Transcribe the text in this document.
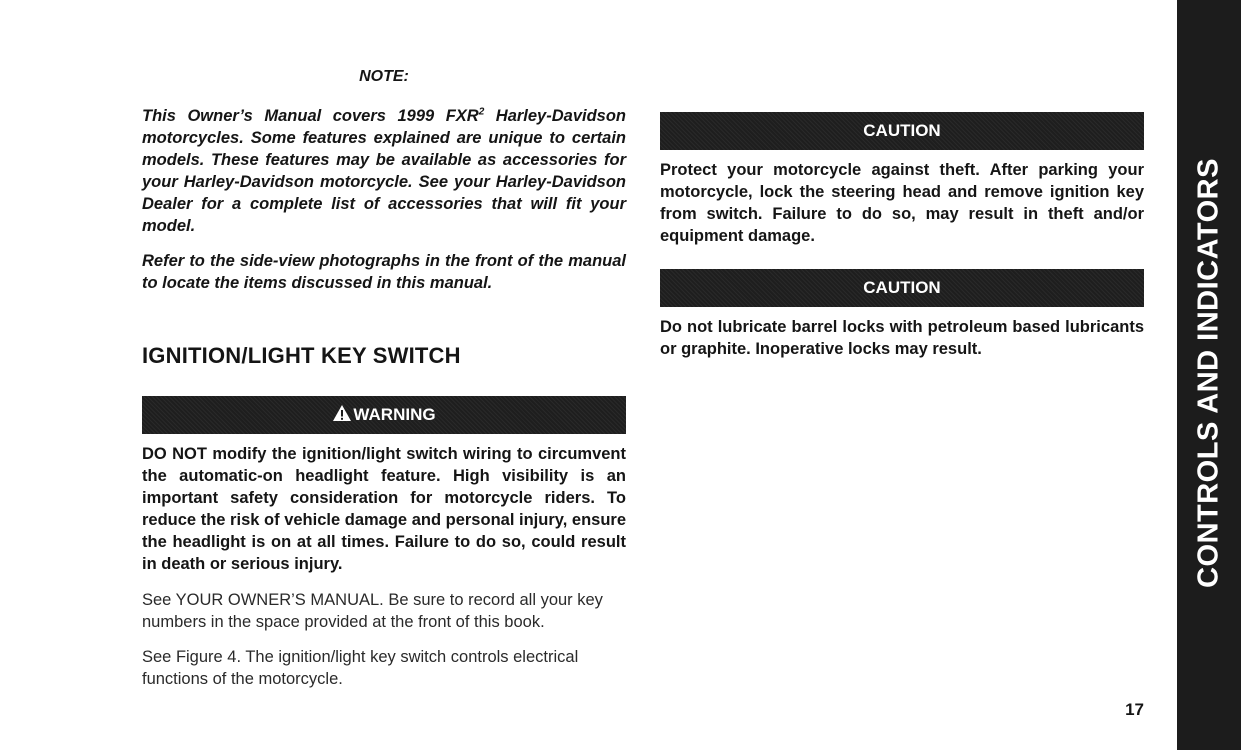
NOTE:

This Owner’s Manual covers 1999 FXR$^2$ Harley-Davidson motorcycles. Some features explained are unique to certain models. These features may be available as accessories for your Harley-Davidson motorcycle. See your Harley-Davidson Dealer for a complete list of accessories that will fit your model.

Refer to the side-view photographs in the front of the manual to locate the items discussed in this manual.

IGNITION/LIGHT KEY SWITCH
WARNING

DO NOT modify the ignition/light switch wiring to circumvent the automatic-on headlight feature. High visibility is an important safety consideration for motorcycle riders. To reduce the risk of vehicle damage and personal injury, ensure the headlight is on at all times. Failure to do so, could result in death or serious injury.

See YOUR OWNER’S MANUAL. Be sure to record all your key numbers in the space provided at the front of this book.

See Figure 4. The ignition/light key switch controls electrical functions of the motorcycle.

CAUTION

Protect your motorcycle against theft. After parking your motorcycle, lock the steering head and remove ignition key from switch. Failure to do so, may result in theft and/or equipment damage.

CAUTION

Do not lubricate barrel locks with petroleum based lubricants or graphite. Inoperative locks may result.

17
CONTROLS AND INDICATORS
